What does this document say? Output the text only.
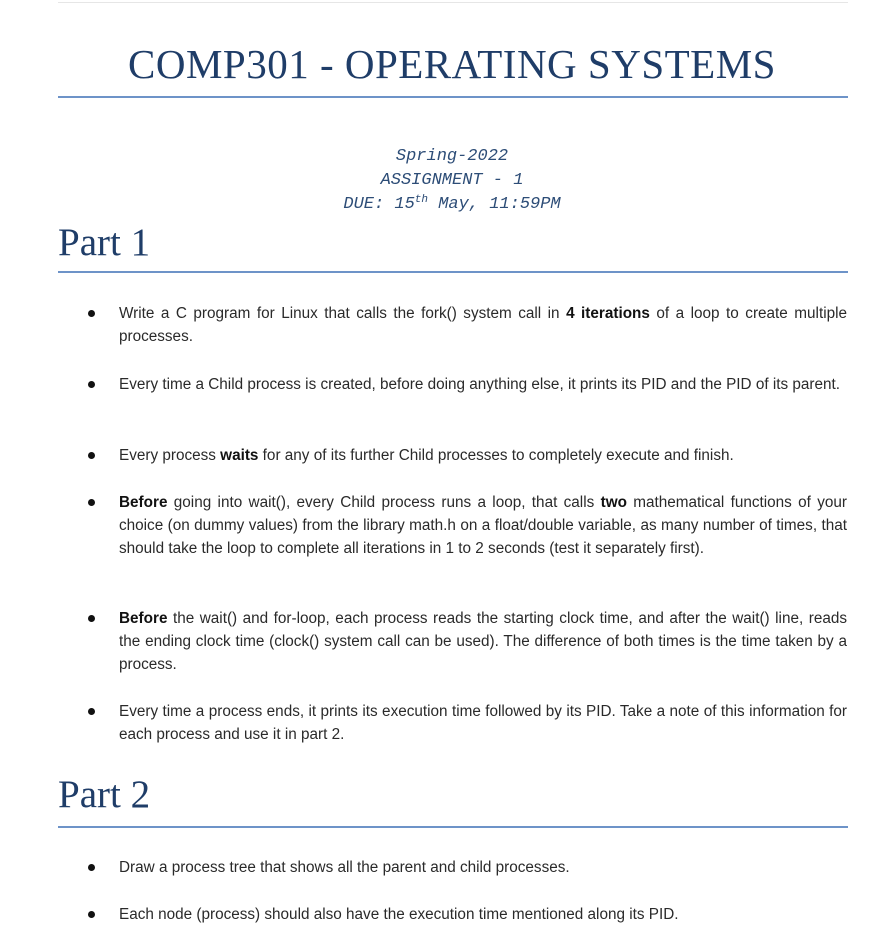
COMP301 - OPERATING SYSTEMS
Spring-2022
ASSIGNMENT - 1
DUE: 15th May, 11:59PM
Part 1
Write a C program for Linux that calls the fork() system call in 4 iterations of a loop to create multiple processes.
Every time a Child process is created, before doing anything else, it prints its PID and the PID of its parent.
Every process waits for any of its further Child processes to completely execute and finish.
Before going into wait(), every Child process runs a loop, that calls two mathematical functions of your choice (on dummy values) from the library math.h on a float/double variable, as many number of times, that should take the loop to complete all iterations in 1 to 2 seconds (test it separately first).
Before the wait() and for-loop, each process reads the starting clock time, and after the wait() line, reads the ending clock time (clock() system call can be used). The difference of both times is the time taken by a process.
Every time a process ends, it prints its execution time followed by its PID. Take a note of this information for each process and use it in part 2.
Part 2
Draw a process tree that shows all the parent and child processes.
Each node (process) should also have the execution time mentioned along its PID.
